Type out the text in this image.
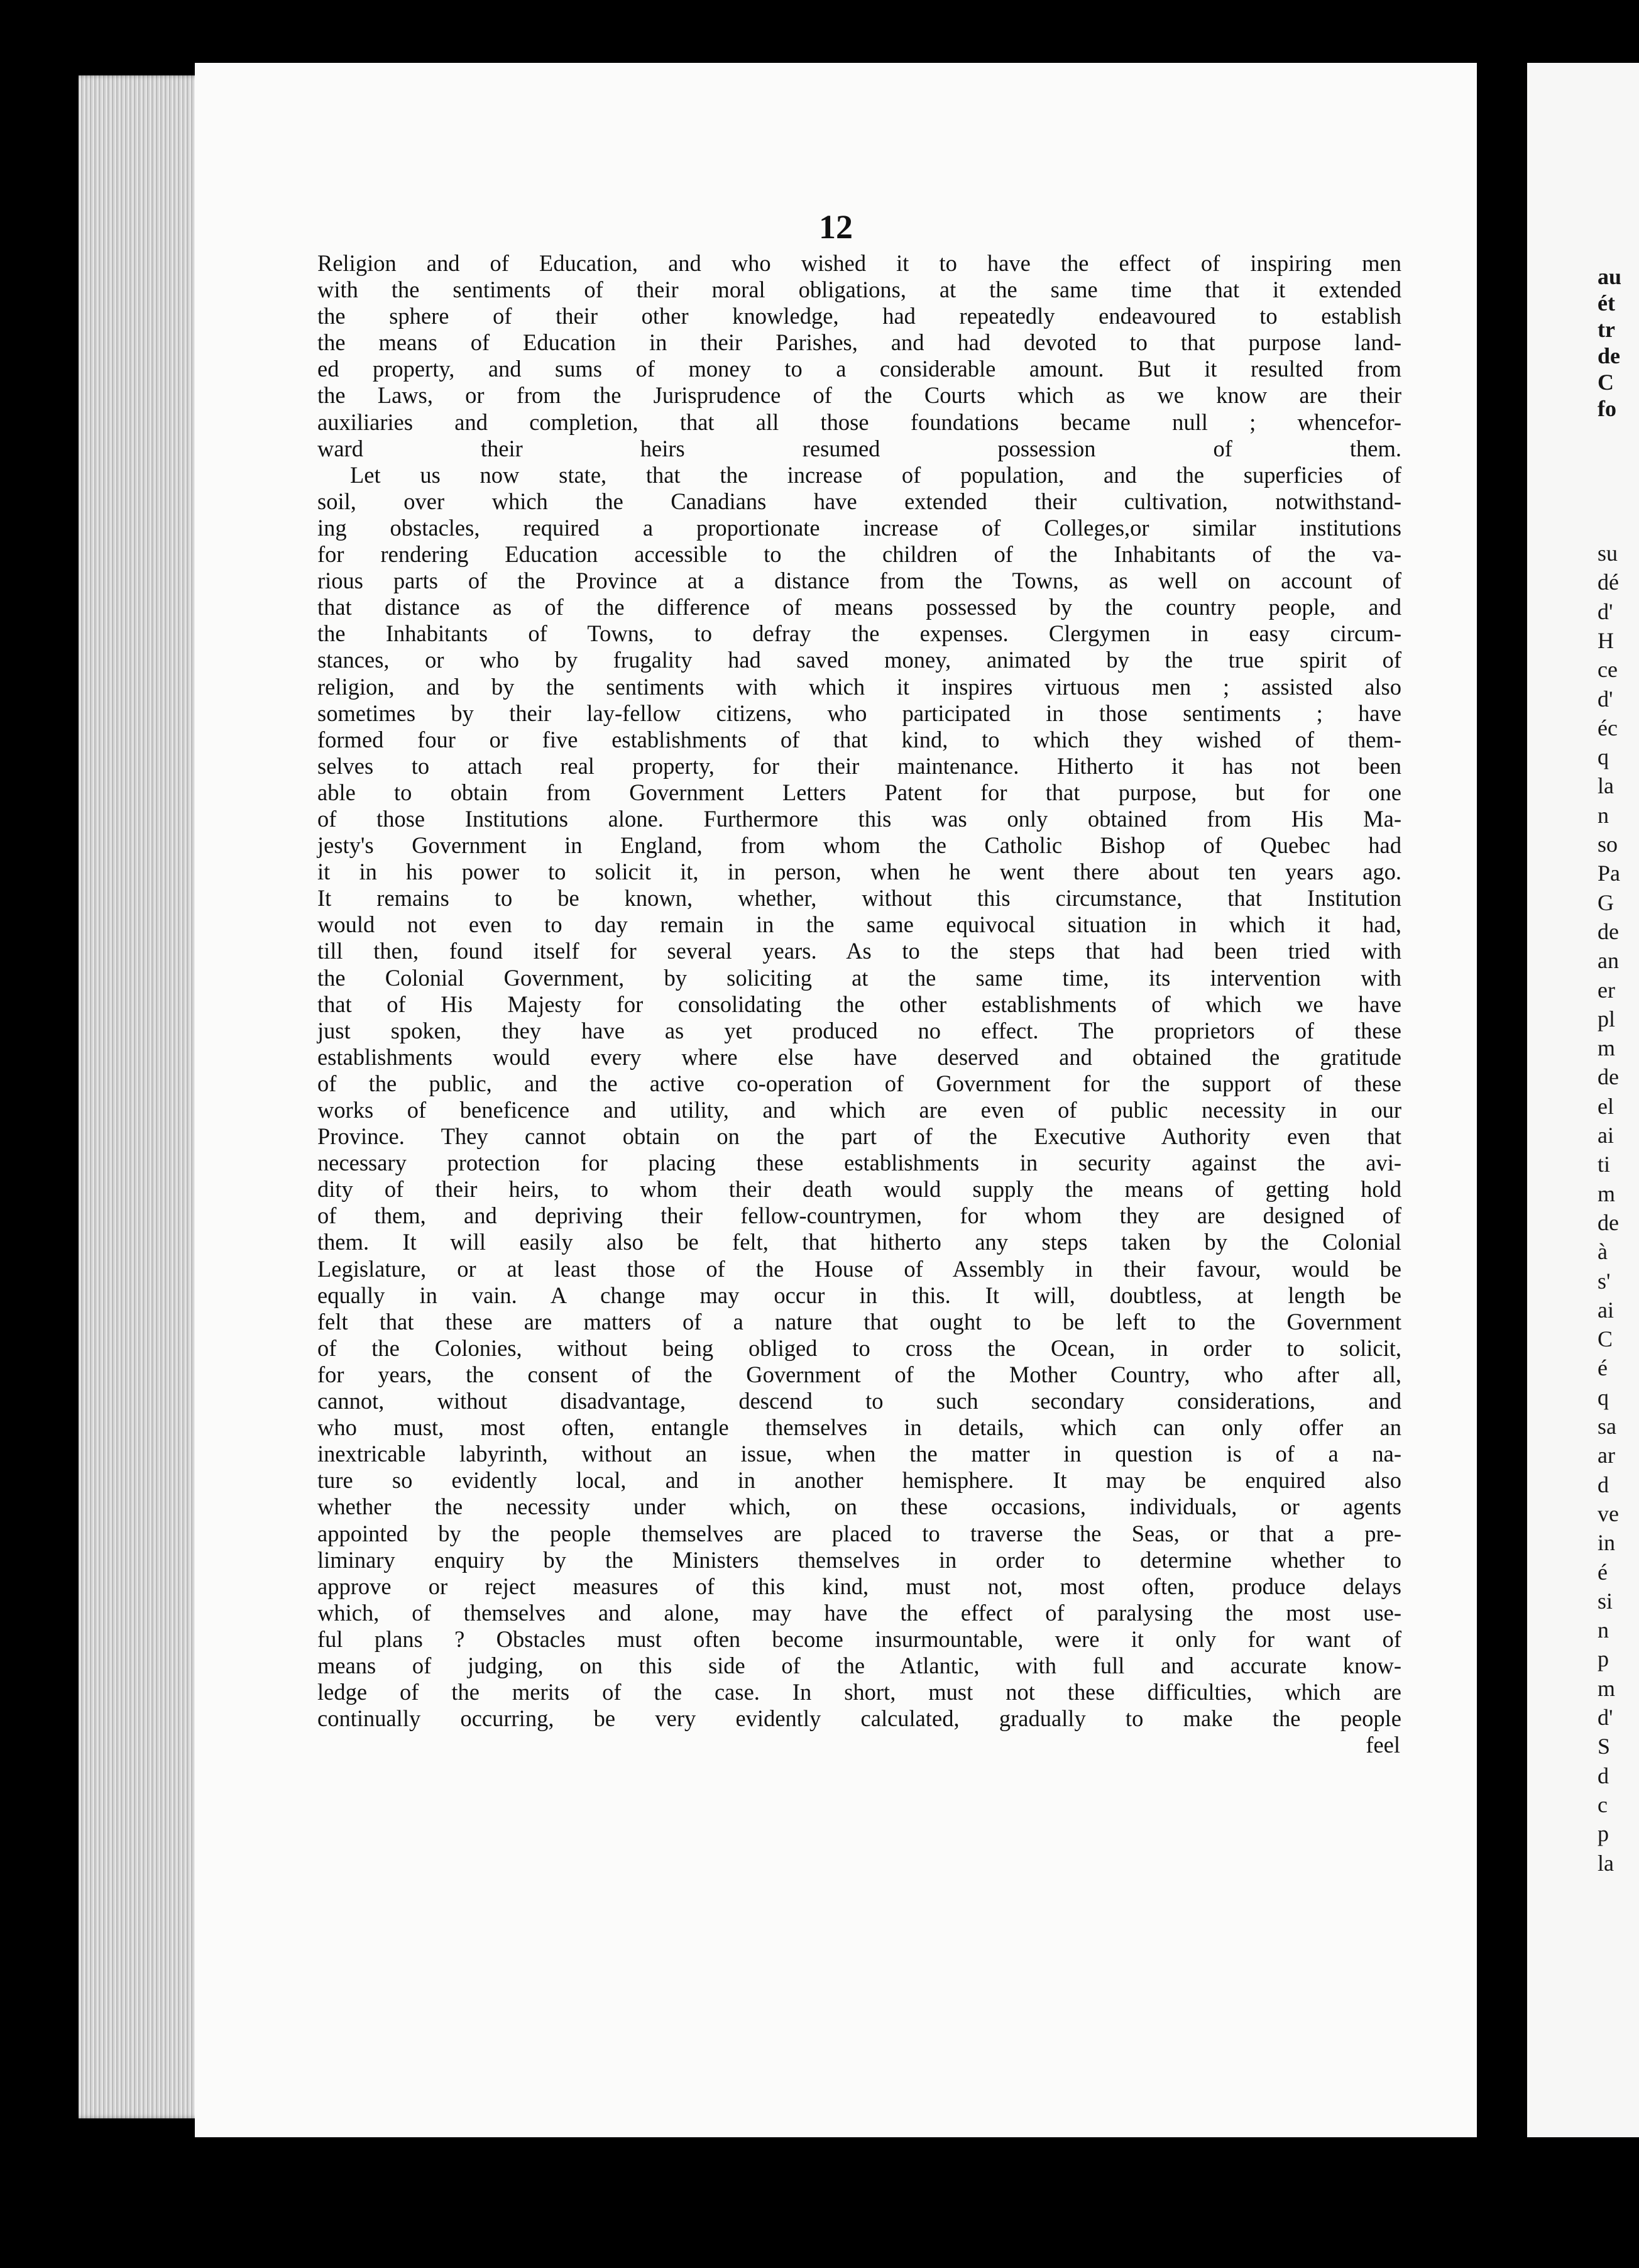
12

Religion and of Education, and who wished it to have the effect of inspiring men
with the sentiments of their moral obligations, at the same time that it extended
the sphere of their other knowledge, had repeatedly endeavoured to establish
the means of Education in their Parishes, and had devoted to that purpose land-
ed property, and sums of money to a considerable amount. But it resulted from
the Laws, or from the Jurisprudence of the Courts which as we know are their
auxiliaries and completion, that all those foundations became null ; whencefor-
ward their heirs resumed possession of them.

Let us now state, that the increase of population, and the superficies of
soil, over which the Canadians have extended their cultivation, notwithstand-
ing obstacles, required a proportionate increase of Colleges,or similar institutions
for rendering Education accessible to the children of the Inhabitants of the va-
rious parts of the Province at a distance from the Towns, as well on account of
that distance as of the difference of means possessed by the country people, and
the Inhabitants of Towns, to defray the expenses. Clergymen in easy circum-
stances, or who by frugality had saved money, animated by the true spirit of
religion, and by the sentiments with which it inspires virtuous men ; assisted also
sometimes by their lay-fellow citizens, who participated in those sentiments ; have
formed four or five establishments of that kind, to which they wished of them-
selves to attach real property, for their maintenance. Hitherto it has not been
able to obtain from Government Letters Patent for that purpose, but for one
of those Institutions alone. Furthermore this was only obtained from His Ma-
jesty's Government in England, from whom the Catholic Bishop of Quebec had
it in his power to solicit it, in person, when he went there about ten years ago.
It remains to be known, whether, without this circumstance, that Institution
would not even to day remain in the same equivocal situation in which it had,
till then, found itself for several years. As to the steps that had been tried with
the Colonial Government, by soliciting at the same time, its intervention with
that of His Majesty for consolidating the other establishments of which we have
just spoken, they have as yet produced no effect. The proprietors of these
establishments would every where else have deserved and obtained the gratitude
of the public, and the active co-operation of Government for the support of these
works of beneficence and utility, and which are even of public necessity in our
Province. They cannot obtain on the part of the Executive Authority even that
necessary protection for placing these establishments in security against the avi-
dity of their heirs, to whom their death would supply the means of getting hold
of them, and depriving their fellow-countrymen, for whom they are designed of
them. It will easily also be felt, that hitherto any steps taken by the Colonial
Legislature, or at least those of the House of Assembly in their favour, would be
equally in vain. A change may occur in this. It will, doubtless, at length be
felt that these are matters of a nature that ought to be left to the Government
of the Colonies, without being obliged to cross the Ocean, in order to solicit,
for years, the consent of the Government of the Mother Country, who after all,
cannot, without disadvantage, descend to such secondary considerations, and
who must, most often, entangle themselves in details, which can only offer an
inextricable labyrinth, without an issue, when the matter in question is of a na-
ture so evidently local, and in another hemisphere. It may be enquired also
whether the necessity under which, on these occasions, individuals, or agents
appointed by the people themselves are placed to traverse the Seas, or that a pre-
liminary enquiry by the Ministers themselves in order to determine whether to
approve or reject measures of this kind, must not, most often, produce delays
which, of themselves and alone, may have the effect of paralysing the most use-
ful plans ? Obstacles must often become insurmountable, were it only for want of
means of judging, on this side of the Atlantic, with full and accurate know-
ledge of the merits of the case. In short, must not these difficulties, which are
continually occurring, be very evidently calculated, gradually to make the people

feel
au
ét
tr
de
C
fo
su
dé
d'
H
ce
d'
éc
q
la
n
so
Pa
G
de
an
er
pl
m
de
el
ai
ti
m
de
à
s'
ai
C
é
q
sa
ar
d
ve
in
é
si
n
p
m
d'
S
d
c
p
la
